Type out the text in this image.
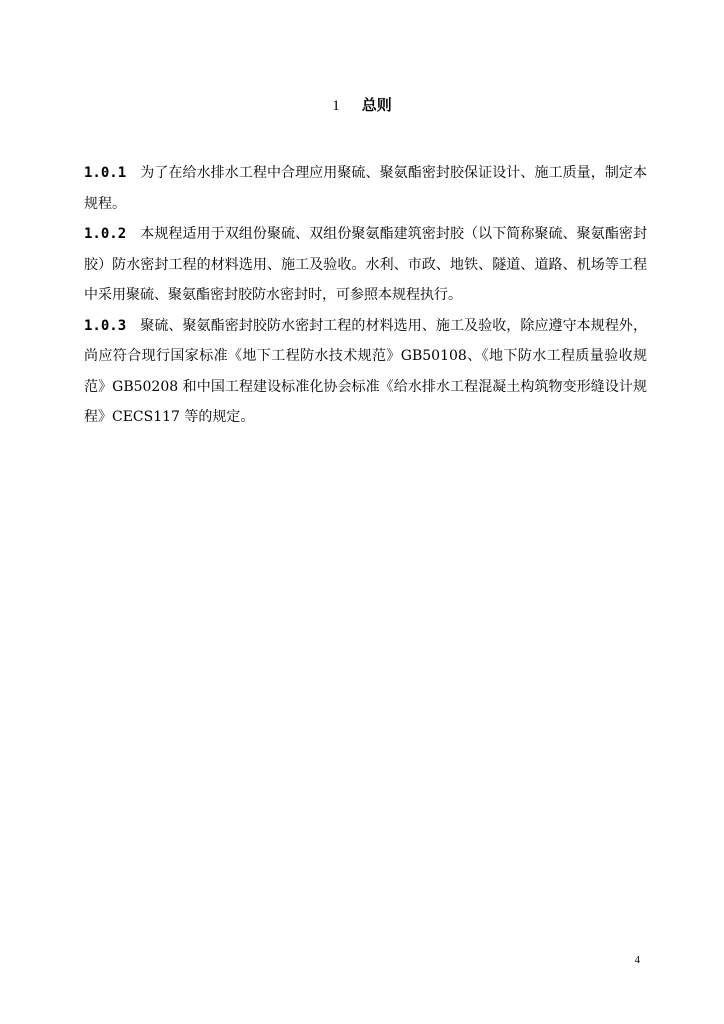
1 总则

1.0.1 为了在给水排水工程中合理应用聚硫、聚氨酯密封胶保证设计、施工质量，制定本规程。

1.0.2 本规程适用于双组份聚硫、双组份聚氨酯建筑密封胶（以下简称聚硫、聚氨酯密封胶）防水密封工程的材料选用、施工及验收。水利、市政、地铁、隧道、道路、机场等工程中采用聚硫、聚氨酯密封胶防水密封时，可参照本规程执行。

1.0.3 聚硫、聚氨酯密封胶防水密封工程的材料选用、施工及验收，除应遵守本规程外，尚应符合现行国家标准《地下工程防水技术规范》GB50108、《地下防水工程质量验收规范》GB50208 和中国工程建设标准化协会标准《给水排水工程混凝土构筑物变形缝设计规程》CECS117 等的规定。

4
